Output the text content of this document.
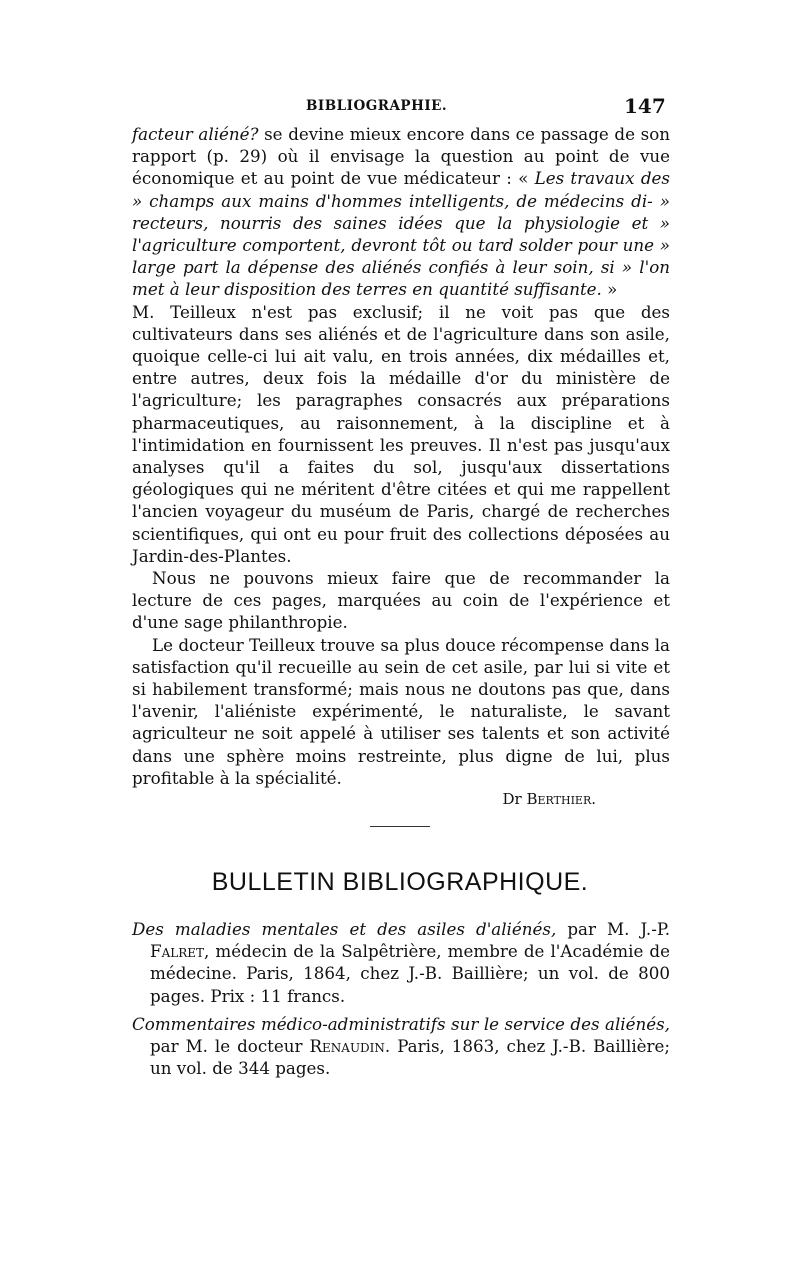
BIBLIOGRAPHIE.	147

facteur aliéné? se devine mieux encore dans ce passage de son rapport (p. 29) où il envisage la question au point de vue économique et au point de vue médicateur : « Les travaux des » champs aux mains d'hommes intelligents, de médecins di- » recteurs, nourris des saines idées que la physiologie et » l'agriculture comportent, devront tôt ou tard solder pour une » large part la dépense des aliénés confiés à leur soin, si » l'on met à leur disposition des terres en quantité suffisante. »

M. Teilleux n'est pas exclusif; il ne voit pas que des cultivateurs dans ses aliénés et de l'agriculture dans son asile, quoique celle-ci lui ait valu, en trois années, dix médailles et, entre autres, deux fois la médaille d'or du ministère de l'agriculture; les paragraphes consacrés aux préparations pharmaceutiques, au raisonnement, à la discipline et à l'intimidation en fournissent les preuves. Il n'est pas jusqu'aux analyses qu'il a faites du sol, jusqu'aux dissertations géologiques qui ne méritent d'être citées et qui me rappellent l'ancien voyageur du muséum de Paris, chargé de recherches scientifiques, qui ont eu pour fruit des collections déposées au Jardin-des-Plantes.

Nous ne pouvons mieux faire que de recommander la lecture de ces pages, marquées au coin de l'expérience et d'une sage philanthropie.

Le docteur Teilleux trouve sa plus douce récompense dans la satisfaction qu'il recueille au sein de cet asile, par lui si vite et si habilement transformé; mais nous ne doutons pas que, dans l'avenir, l'aliéniste expérimenté, le naturaliste, le savant agriculteur ne soit appelé à utiliser ses talents et son activité dans une sphère moins restreinte, plus digne de lui, plus profitable à la spécialité.

Dr Berthier.
BULLETIN BIBLIOGRAPHIQUE.

Des maladies mentales et des asiles d'aliénés, par M. J.-P. Falret, médecin de la Salpêtrière, membre de l'Académie de médecine. Paris, 1864, chez J.-B. Baillière; un vol. de 800 pages. Prix : 11 francs.

Commentaires médico-administratifs sur le service des aliénés, par M. le docteur Renaudin. Paris, 1863, chez J.-B. Baillière; un vol. de 344 pages.
